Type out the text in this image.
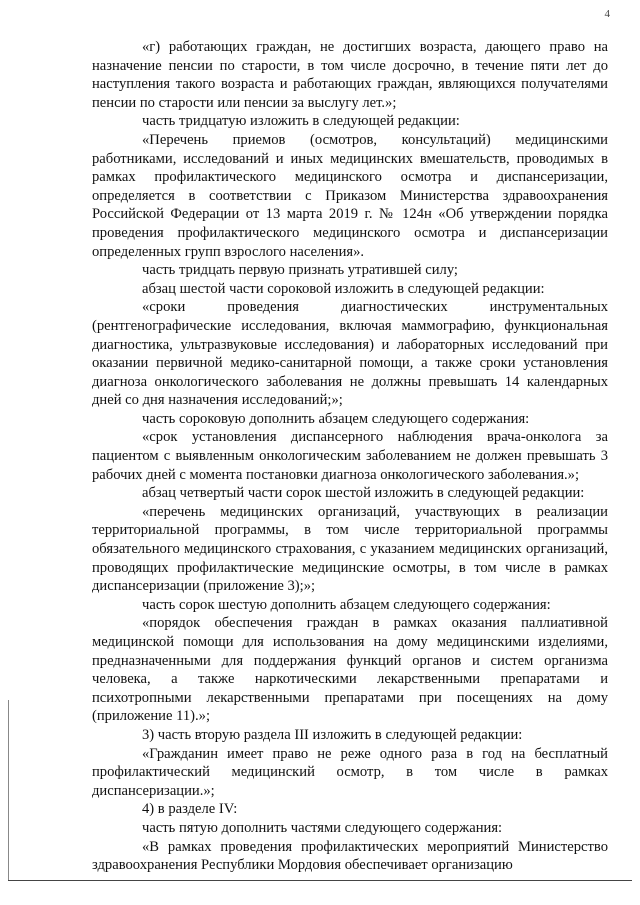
4

«г) работающих граждан, не достигших возраста, дающего право на назначение пенсии по старости, в том числе досрочно, в течение пяти лет до наступления такого возраста и работающих граждан, являющихся получателями пенсии по старости или пенсии за выслугу лет.»;

часть тридцатую изложить в следующей редакции:

«Перечень приемов (осмотров, консультаций) медицинскими работниками, исследований и иных медицинских вмешательств, проводимых в рамках профилактического медицинского осмотра и диспансеризации, определяется в соответствии с Приказом Министерства здравоохранения Российской Федерации от 13 марта 2019 г. № 124н «Об утверждении порядка проведения профилактического медицинского осмотра и диспансеризации определенных групп взрослого населения».

часть тридцать первую признать утратившей силу;

абзац шестой части сороковой изложить в следующей редакции:

«сроки проведения диагностических инструментальных (рентгенографические исследования, включая маммографию, функциональная диагностика, ультразвуковые исследования) и лабораторных исследований при оказании первичной медико-санитарной помощи, а также сроки установления диагноза онкологического заболевания не должны превышать 14 календарных дней со дня назначения исследований;»;

часть сороковую дополнить абзацем следующего содержания:

«срок установления диспансерного наблюдения врача-онколога за пациентом с выявленным онкологическим заболеванием не должен превышать 3 рабочих дней с момента постановки диагноза онкологического заболевания.»;

абзац четвертый части сорок шестой изложить в следующей редакции:

«перечень медицинских организаций, участвующих в реализации территориальной программы, в том числе территориальной программы обязательного медицинского страхования, с указанием медицинских организаций, проводящих профилактические медицинские осмотры, в том числе в рамках диспансеризации (приложение 3);»;

часть сорок шестую дополнить абзацем следующего содержания:

«порядок обеспечения граждан в рамках оказания паллиативной медицинской помощи для использования на дому медицинскими изделиями, предназначенными для поддержания функций органов и систем организма человека, а также наркотическими лекарственными препаратами и психотропными лекарственными препаратами при посещениях на дому (приложение 11).»;

3) часть вторую раздела III изложить в следующей редакции:

«Гражданин имеет право не реже одного раза в год на бесплатный профилактический медицинский осмотр, в том числе в рамках диспансеризации.»;

4) в разделе IV:

часть пятую дополнить частями следующего содержания:

«В рамках проведения профилактических мероприятий Министерство здравоохранения Республики Мордовия обеспечивает организацию
